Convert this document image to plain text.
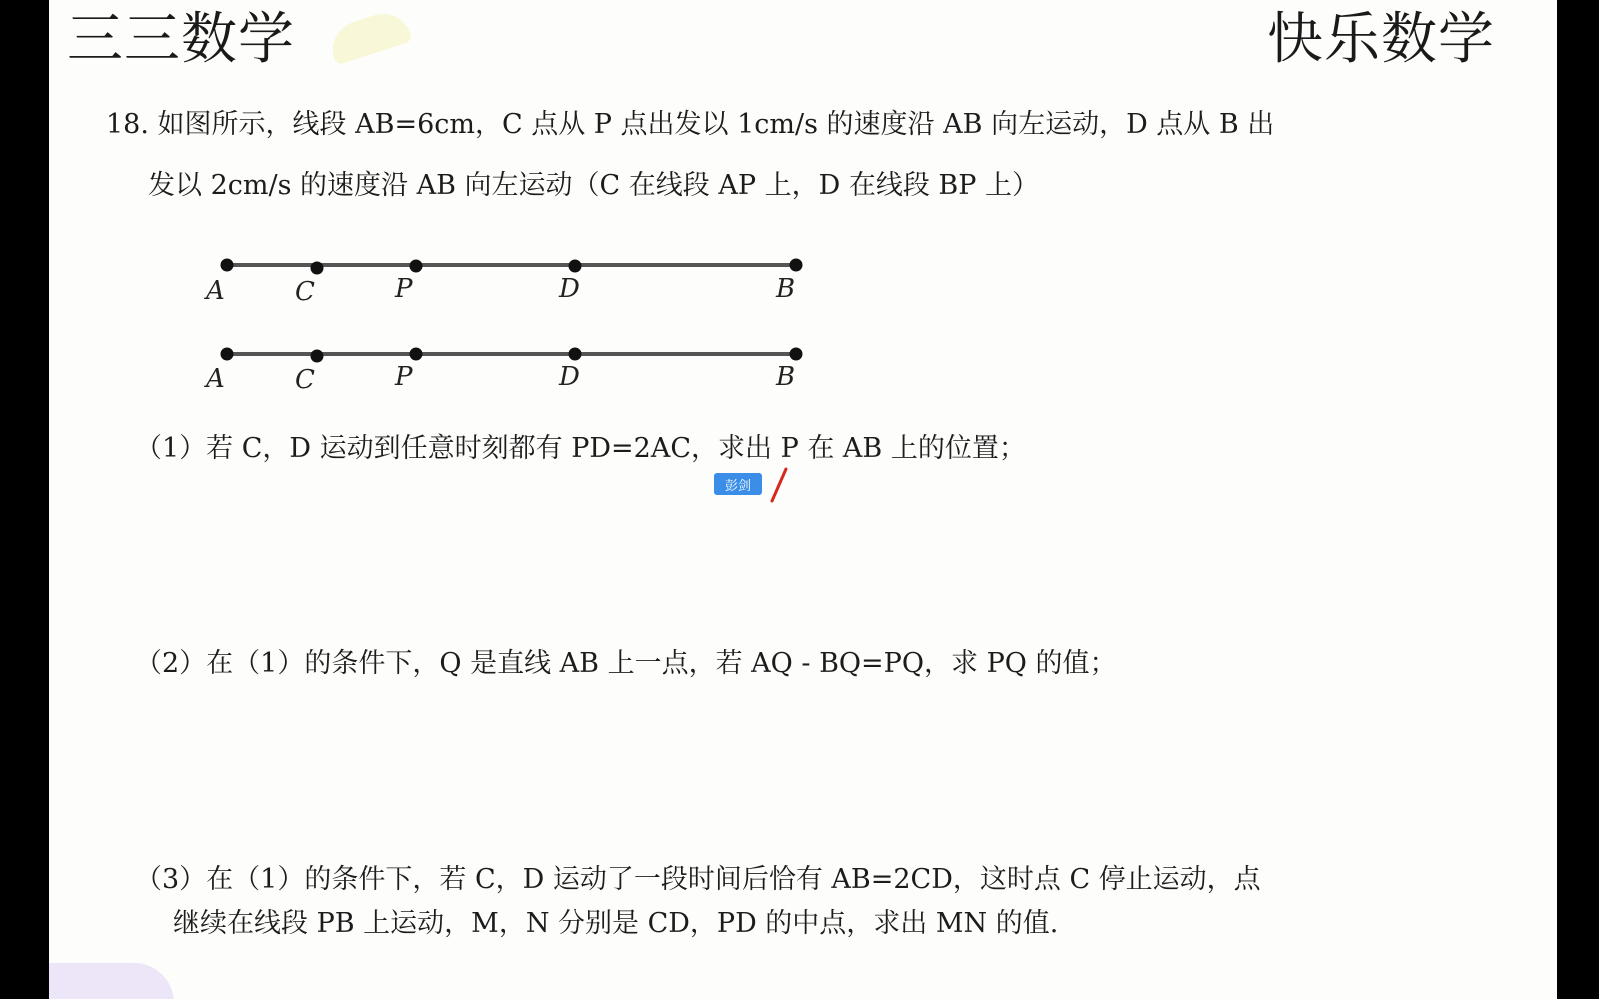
三三数学	快乐数学
18. 如图所示，线段 AB=6cm，C 点从 P 点出发以 1cm/s 的速度沿 AB 向左运动，D 点从 B 出
发以 2cm/s 的速度沿 AB 向左运动（C 在线段 AP 上，D 在线段 BP 上）
A	C	P	D	B
A	C	P	D	B
（1）若 C，D 运动到任意时刻都有 PD=2AC，求出 P 在 AB 上的位置；
彭剑
（2）在（1）的条件下，Q 是直线 AB 上一点，若 AQ - BQ=PQ，求 PQ 的值；
（3）在（1）的条件下，若 C，D 运动了一段时间后恰有 AB=2CD，这时点 C 停止运动，点
继续在线段 PB 上运动，M，N 分别是 CD，PD 的中点，求出 MN 的值.
